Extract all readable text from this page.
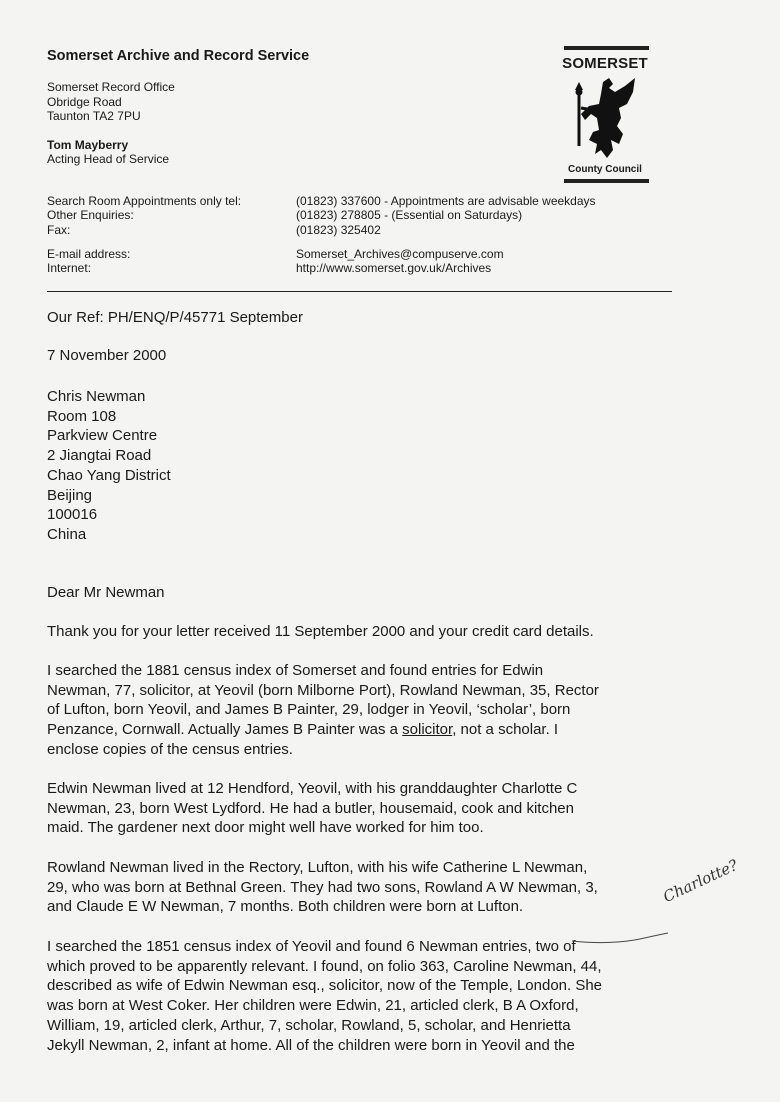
Somerset Archive and Record Service
Somerset Record Office
Obridge Road
Taunton TA2 7PU
Tom Mayberry
Acting Head of Service
SOMERSET
County Council
Search Room Appointments only tel:	(01823) 337600 - Appointments are advisable weekdays
Other Enquiries:	(01823) 278805 - (Essential on Saturdays)
Fax:	(01823) 325402
E-mail address:	Somerset_Archives@compuserve.com
Internet:	http://www.somerset.gov.uk/Archives
Our Ref: PH/ENQ/P/45771 September
7 November 2000
Chris Newman
Room 108
Parkview Centre
2 Jiangtai Road
Chao Yang District
Beijing
100016
China
Dear Mr Newman
Thank you for your letter received 11 September 2000 and your credit card details.
I searched the 1881 census index of Somerset and found entries for Edwin
Newman, 77, solicitor, at Yeovil (born Milborne Port), Rowland Newman, 35, Rector
of Lufton, born Yeovil, and James B Painter, 29, lodger in Yeovil, ‘scholar’, born
Penzance, Cornwall. Actually James B Painter was a solicitor, not a scholar. I
enclose copies of the census entries.
Edwin Newman lived at 12 Hendford, Yeovil, with his granddaughter Charlotte C
Newman, 23, born West Lydford. He had a butler, housemaid, cook and kitchen
maid. The gardener next door might well have worked for him too.
Rowland Newman lived in the Rectory, Lufton, with his wife Catherine L Newman,
29, who was born at Bethnal Green. They had two sons, Rowland A W Newman, 3,
and Claude E W Newman, 7 months. Both children were born at Lufton.
I searched the 1851 census index of Yeovil and found 6 Newman entries, two of
which proved to be apparently relevant. I found, on folio 363, Caroline Newman, 44,
described as wife of Edwin Newman esq., solicitor, now of the Temple, London. She
was born at West Coker. Her children were Edwin, 21, articled clerk, B A Oxford,
William, 19, articled clerk, Arthur, 7, scholar, Rowland, 5, scholar, and Henrietta
Jekyll Newman, 2, infant at home. All of the children were born in Yeovil and the
Charlotte?
